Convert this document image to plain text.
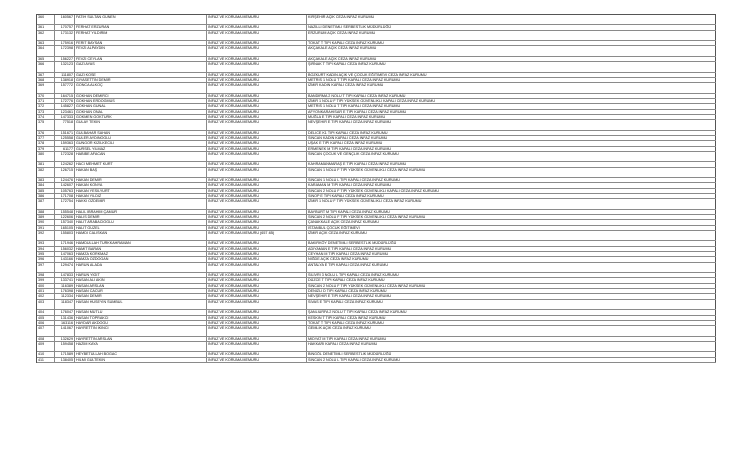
360	160567 FATIH SULTAN GUNEN	INFAZ VE KORUMA MEMURU	KIRŞEHİR AÇIK CEZA İNFAZ KURUMU
361	170757 FERHAT ERZURAN	INFAZ VE KORUMA MEMURU	NAZİLLİ DENETİMLİ SERBESTLİK MÜDÜRLÜĞÜ
362	173132 FERHAT YILDIRIM	INFAZ VE KORUMA MEMURU	ERZURUM AÇIK CEZA İNFAZ KURUMU
363	175916 FERIT BAYSAN	INFAZ VE KORUMA MEMURU	TOKAT T TİPİ KAPALI CEZA İNFAZ KURUMU
364	172398 FEVZI ALPAYDIN	INFAZ VE KORUMA MEMURU	AKÇAKALE AÇIK CEZA İNFAZ KURUMU
365	156227 FEVZI CEYLAN	INFAZ VE KORUMA MEMURU	AKÇAKALE AÇIK CEZA İNFAZ KURUMU
366	132123 GAZI AYAS	INFAZ VE KORUMA MEMURU	ŞIRNAK T TİPİ KAPALI CEZA İNFAZ KURUMU
367	111807 GAZI KOSE	INFAZ VE KORUMA MEMURU	BOZKURT KADIN AÇIK VE ÇOCUK EĞİTİMEVİ CEZA İNFAZ KURUMU
368	138918 GIYASETTIN DEMIR	INFAZ VE KORUMA MEMURU	METRİS 1 NOLU T TİPİ KAPALI CEZA İNFAZ KURUMU
369	157772 GONCA ALKOÇ	INFAZ VE KORUMA MEMURU	İZMİR KADIN KAPALI CEZA İNFAZ KURUMU
370	164715 GOKHAN DEMIRCI	INFAZ VE KORUMA MEMURU	BANDIRMA 2 NOLU T TİPİ KAPALI CEZA İNFAZ KURUMU
371	172776 GOKHAN ERDOGMUS	INFAZ VE KORUMA MEMURU	İZMİR 1 NOLU F TİPİ YÜKSEK GÜVENLİKLİ KAPALI CEZA İNFAZ KURUMU
372	145827 GOKHAN GUNAL	INFAZ VE KORUMA MEMURU	METRİS 1 NOLU T TİPİ KAPALI CEZA İNFAZ KURUMU
373	123461 GOKHAN ONAL	INFAZ VE KORUMA MEMURU	AFYONKARAHİSAR E TİPİ KAPALI CEZA İNFAZ KURUMU
374	147333 GOKMEN GOKTURK	INFAZ VE KORUMA MEMURU	MUĞLA E TİPİ KAPALI CEZA İNFAZ KURUMU
375	77518 GULAY TEKIN	INFAZ VE KORUMA MEMURU	NEVŞEHİR E TİPİ KAPALI CEZA İNFAZ KURUMU
376	151671 GULBAHAR SAHAN	INFAZ VE KORUMA MEMURU	DELİCE K1 TİPİ KAPALI CEZA İNFAZ KURUMU
377	125558 GULER AYDINOGLU	INFAZ VE KORUMA MEMURU	SİNCAN KADIN KAPALI CEZA İNFAZ KURUMU
378	159363 GUNGOR KIZILKECILI	INFAZ VE KORUMA MEMURU	UŞAK E TİPİ KAPALI CEZA İNFAZ KURUMU
379	61177 GURSEL YILMAZ	INFAZ VE KORUMA MEMURU	ERMENEK M TİPİ KAPALI CEZA İNFAZ KURUMU
380	172328 HABIBE AFACAN	INFAZ VE KORUMA MEMURU	SİNCAN ÇOCUK VE GENÇLİK CEZA İNFAZ KURUMU
381	124262 HACI MEHMET KURT	INFAZ VE KORUMA MEMURU	KAHRAMANMARAŞ E TİPİ KAPALI CEZA İNFAZ KURUMU
382	126715 HAKAN BAŞ	INFAZ VE KORUMA MEMURU	SİNCAN 1 NOLU F TİPİ YÜKSEK GÜVENLİKLİ CEZA İNFAZ KURUMU
383	124476 HAKAN DEMIR	INFAZ VE KORUMA MEMURU	SİNCAN 1 NOLU L TİPİ KAPALI CEZA İNFAZ KURUMU
384	142607 HAKAN KONYA	INFAZ VE KORUMA MEMURU	KARAMAN M TİPİ KAPALI CEZA İNFAZ KURUMU
385	105763 HAKAN YESILYURT	INFAZ VE KORUMA MEMURU	SİNCAN 2 NOLU F TİPİ YÜKSEK GÜVENLİKLİ KAPALI CEZA İNFAZ KURUMU
386	171708 HAKAN YILDIZ	INFAZ VE KORUMA MEMURU	SİNOP E TİPİ KAPALI CEZA İNFAZ KURUMU
387	172754 HAKKI OZDEMIR	INFAZ VE KORUMA MEMURU	İZMİR 1 NOLU F TİPİ YÜKSEK GÜVENLİKLİ CEZA İNFAZ KURUMU
388	155548 HALIL IBRAHIM ÇAMUR	INFAZ VE KORUMA MEMURU	BAYBURT M TİPİ KAPALI CEZA İNFAZ KURUMU
389	122606 HALIS DEMIR	INFAZ VE KORUMA MEMURU	SİNCAN 2 NOLU F TİPİ YÜKSEK GÜVENLİKLİ CEZA İNFAZ KURUMU
390	157340 HALIT ARABACIOGLU	INFAZ VE KORUMA MEMURU	ÇANAKKALE AÇIK CEZA İNFAZ KURUMU
391	165105 HALIT GUZEL	INFAZ VE KORUMA MEMURU	İSTANBUL ÇOCUK EĞİTİMEVİ
392	155803 HAMDI CALISKAN	INFAZ VE KORUMA MEMURU (657 4B)	İZMİR AÇIK CEZA İNFAZ KURUMU
393	171946 HAMDULLAH TURKKAHRAMAN	INFAZ VE KORUMA MEMURU	BAKIRKÖY DENETİMLİ SERBESTLİK MÜDÜRLÜĞÜ
394	156032 HAMIT BARAN	INFAZ VE KORUMA MEMURU	ADIYAMAN E TİPİ KAPALI CEZA İNFAZ KURUMU
395	147063 HAMZA KORKMAZ	INFAZ VE KORUMA MEMURU	CEYHAN M TİPİ KAPALI CEZA İNFAZ KURUMU
396	143166 HAMZA OZDOGAN	INFAZ VE KORUMA MEMURU	NİĞDE AÇIK CEZA İNFAZ KURUMU
397	129474 HARUN ALADA	INFAZ VE KORUMA MEMURU	ANTALYA E TİPİ KAPALI CEZA İNFAZ KURUMU
398	147833 HARUN YIGIT	INFAZ VE KORUMA MEMURU	SİLİVRİ 3 NOLU L TİPİ KAPALI CEZA İNFAZ KURUMU
399	133741 HASAN ALI AKIN	INFAZ VE KORUMA MEMURU	DÜZCE T TİPİ KAPALI CEZA İNFAZ KURUMU
400	116389 HASAN ARSLAN	INFAZ VE KORUMA MEMURU	SİNCAN 2 NOLU F TİPİ YÜKSEK GÜVENLİKLİ CEZA İNFAZ KURUMU
401	176398 HASAN CACUR	INFAZ VE KORUMA MEMURU	DENİZLİ D TİPİ KAPALI CEZA İNFAZ KURUMU
402	112334 HASAN DEMIR	INFAZ VE KORUMA MEMURU	NEVŞEHİR E TİPİ KAPALI CEZA İNFAZ KURUMU
403	118347 HASAN HUSEYIN SUMBUL	INFAZ VE KORUMA MEMURU	SİVAS E TİPİ KAPALI CEZA İNFAZ KURUMU
404	176047 HASAN MUTLU	INFAZ VE KORUMA MEMURU	ŞANLIURFA 2 NOLU T TİPİ KAPALI CEZA İNFAZ KURUMU
405	131436 HASAN TOPRAKCI	INFAZ VE KORUMA MEMURU	KESKİN T TİPİ KAPALI CEZA İNFAZ KURUMU
406	163116 HAYDAR AKDOGU	INFAZ VE KORUMA MEMURU	TOKAT T TİPİ KAPALI CEZA İNFAZ KURUMU
407	141067 HAYRETTIN IKINCI	INFAZ VE KORUMA MEMURU	GEMLİK AÇIK CEZA İNFAZ KURUMU
408	132629 HAYRETTIN ARSLAN	INFAZ VE KORUMA MEMURU	MİDYAT M TİPİ KAPALI CEZA İNFAZ KURUMU
409	159458 HAZIM KAYA	INFAZ VE KORUMA MEMURU	HAKKARİ KAPALI CEZA İNFAZ KURUMU
410	171589 HEYBETULLAH BOGAC	INFAZ VE KORUMA MEMURU	BİNGÖL DENETİMLİ SERBESTLİK MÜDÜRLÜĞÜ
411	138405 HILMI GULTEKIN	INFAZ VE KORUMA MEMURU	SİNCAN 2 NOLU L TİPİ KAPALI CEZA İNFAZ KURUMU
